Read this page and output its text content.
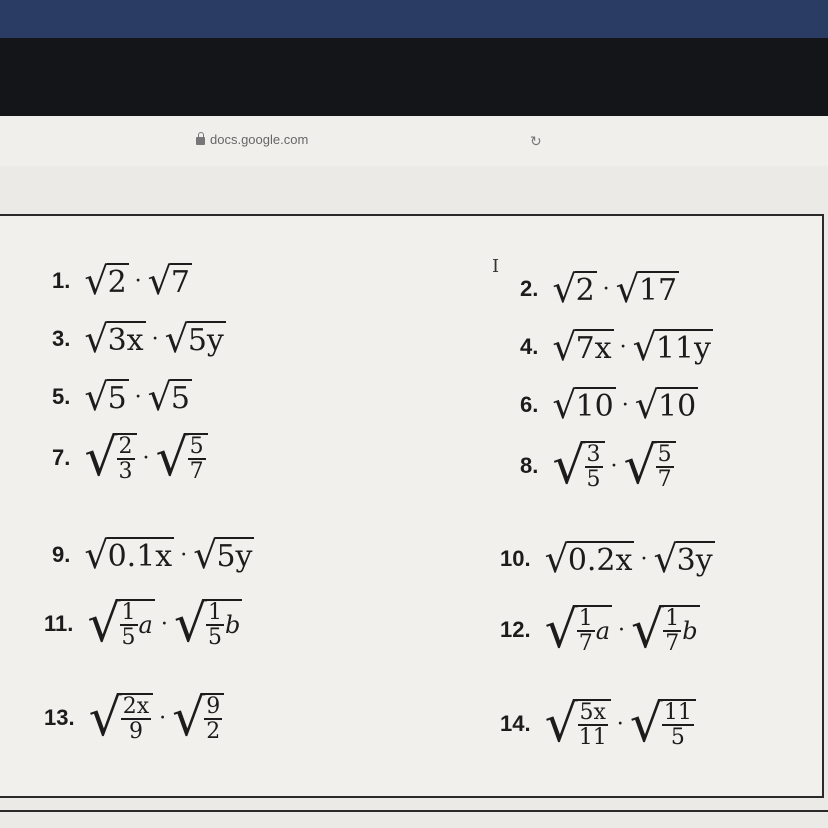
docs.google.com	↻
I
1. √ 2 · √ 7	2. √ 2 · √ 17
3. √ 3x · √ 5y	4. √ 7x · √ 11y
5. √ 5 · √ 5	6. √ 10 · √ 10
7. √ $\frac{2}{3}$ · √ $\frac{5}{7}$	8. √ $\frac{3}{5}$ · √ $\frac{5}{7}$
9. √ 0.1x · √ 5y	10. √ 0.2x · √ 3y
11. √ $\frac{1}{5}$ a · √ $\frac{1}{5}$ b	12. √ $\frac{1}{7}$ a · √ $\frac{1}{7}$ b
13. √ $\frac{2x}{9}$ · √ $\frac{9}{2}$	14. √ $\frac{5x}{11}$ · √ $\frac{11}{5}$
